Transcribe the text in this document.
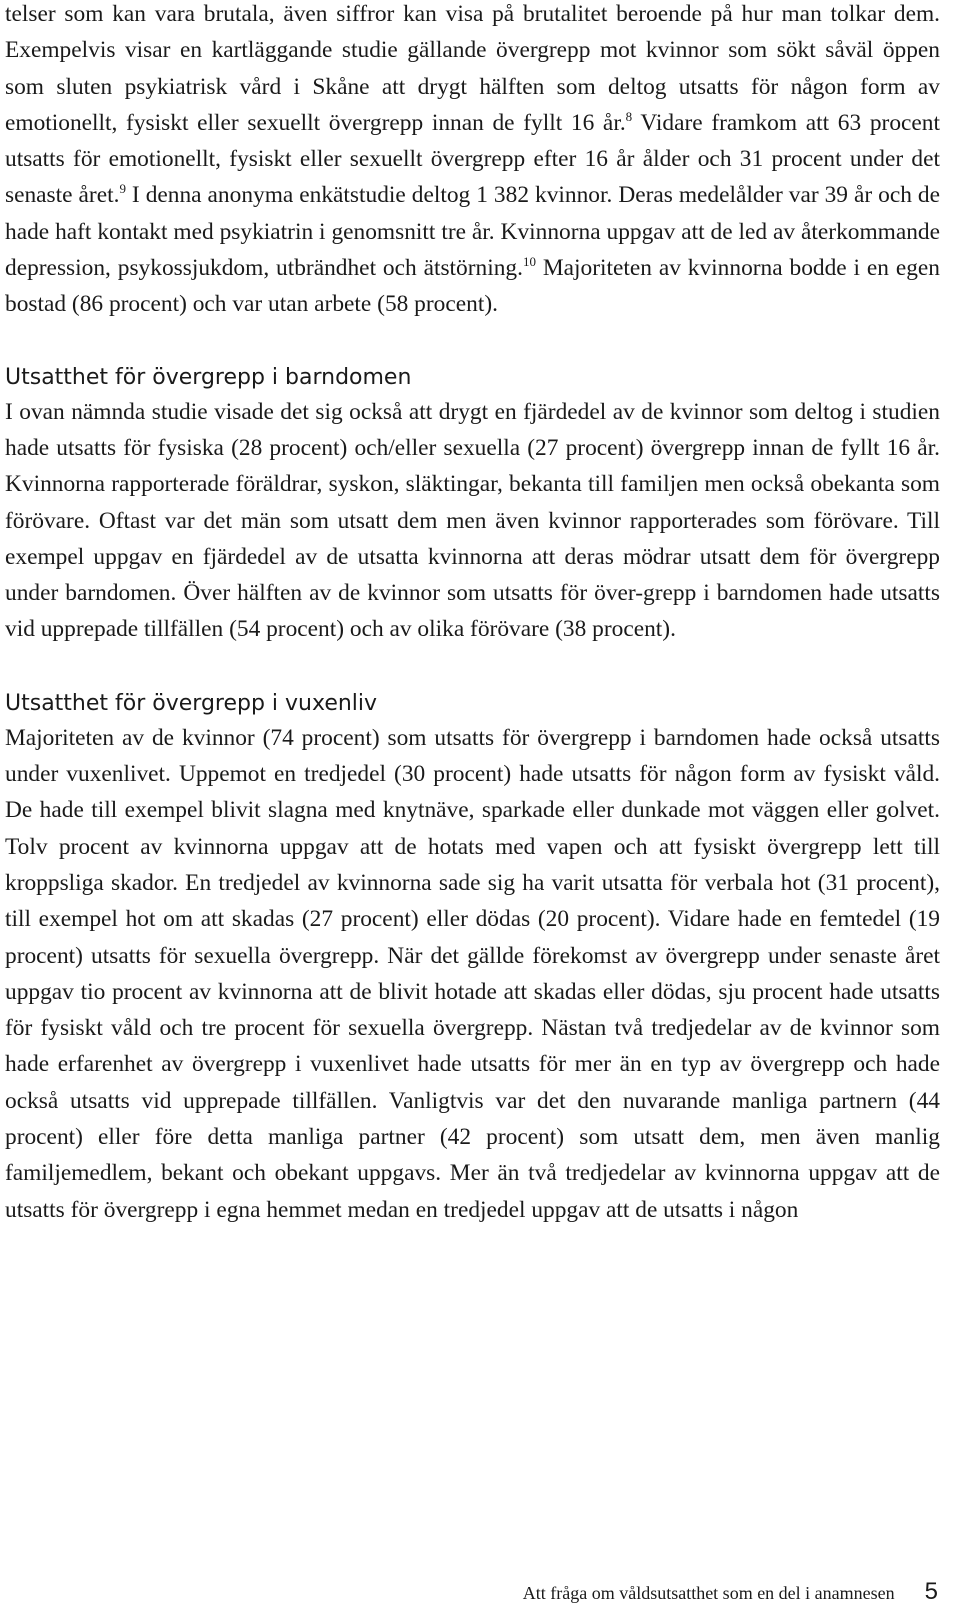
telser som kan vara brutala, även siffror kan visa på brutalitet beroende på hur man tolkar dem. Exempelvis visar en kartläggande studie gällande övergrepp mot kvinnor som sökt såväl öppen som sluten psykiatrisk vård i Skåne att drygt hälften som deltog utsatts för någon form av emotionellt, fysiskt eller sexuellt övergrepp innan de fyllt 16 år.$^8$ Vidare framkom att 63 procent utsatts för emotionellt, fysiskt eller sexuellt övergrepp efter 16 år ålder och 31 procent under det senaste året.$^9$ I denna anonyma enkätstudie deltog 1 382 kvinnor. Deras medelålder var 39 år och de hade haft kontakt med psykiatrin i genomsnitt tre år. Kvinnorna uppgav att de led av återkommande depression, psykossjukdom, utbrändhet och ätstörning.$^{10}$ Majoriteten av kvinnorna bodde i en egen bostad (86 procent) och var utan arbete (58 procent).

Utsatthet för övergrepp i barndomen

I ovan nämnda studie visade det sig också att drygt en fjärdedel av de kvinnor som deltog i studien hade utsatts för fysiska (28 procent) och/eller sexuella (27 procent) övergrepp innan de fyllt 16 år. Kvinnorna rapporterade föräldrar, syskon, släktingar, bekanta till familjen men också obekanta som förövare. Oftast var det män som utsatt dem men även kvinnor rapporterades som förövare. Till exempel uppgav en fjärdedel av de utsatta kvinnorna att deras mödrar utsatt dem för övergrepp under barndomen. Över hälften av de kvinnor som utsatts för över-grepp i barndomen hade utsatts vid upprepade tillfällen (54 procent) och av olika förövare (38 procent).

Utsatthet för övergrepp i vuxenliv

Majoriteten av de kvinnor (74 procent) som utsatts för övergrepp i barndomen hade också utsatts under vuxenlivet. Uppemot en tredjedel (30 procent) hade utsatts för någon form av fysiskt våld. De hade till exempel blivit slagna med knytnäve, sparkade eller dunkade mot väggen eller golvet. Tolv procent av kvinnorna uppgav att de hotats med vapen och att fysiskt övergrepp lett till kroppsliga skador. En tredjedel av kvinnorna sade sig ha varit utsatta för verbala hot (31 procent), till exempel hot om att skadas (27 procent) eller dödas (20 procent). Vidare hade en femtedel (19 procent) utsatts för sexuella övergrepp. När det gällde förekomst av övergrepp under senaste året uppgav tio procent av kvinnorna att de blivit hotade att skadas eller dödas, sju procent hade utsatts för fysiskt våld och tre procent för sexuella övergrepp. Nästan två tredjedelar av de kvinnor som hade erfarenhet av övergrepp i vuxenlivet hade utsatts för mer än en typ av övergrepp och hade också utsatts vid upprepade tillfällen. Vanligtvis var det den nuvarande manliga partnern (44 procent) eller före detta manliga partner (42 procent) som utsatt dem, men även manlig familjemedlem, bekant och obekant uppgavs. Mer än två tredjedelar av kvinnorna uppgav att de utsatts för övergrepp i egna hemmet medan en tredjedel uppgav att de utsatts i någon

Att fråga om våldsutsatthet som en del i anamnesen 5
